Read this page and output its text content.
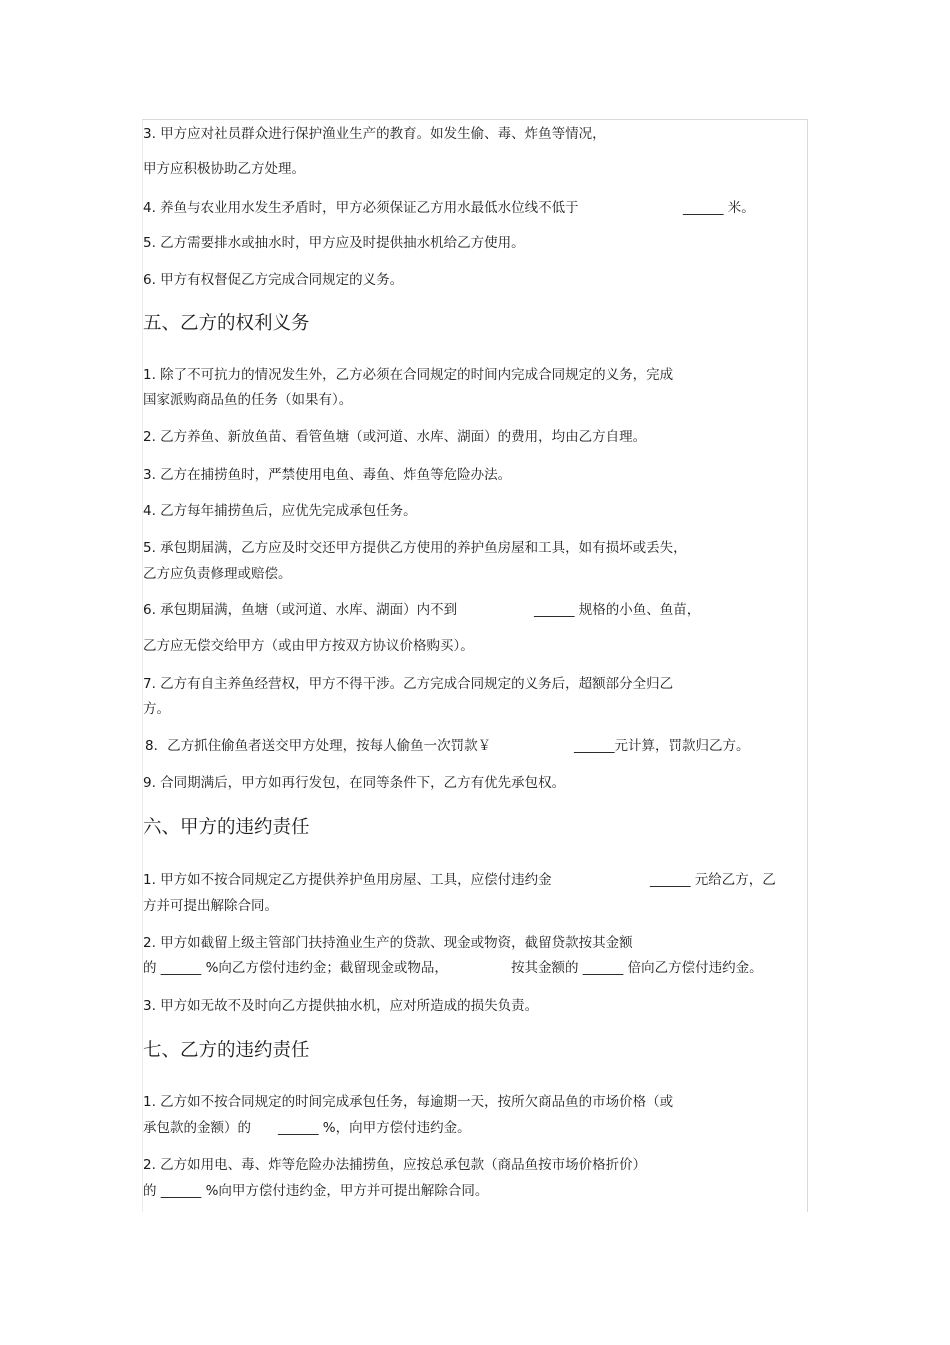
3. 甲方应对社员群众进行保护渔业生产的教育。如发生偷、毒、炸鱼等情况，
甲方应积极协助乙方处理。
4. 养鱼与农业用水发生矛盾时，甲方必须保证乙方用水最低水位线不低于	______ 米。
5. 乙方需要排水或抽水时，甲方应及时提供抽水机给乙方使用。
6. 甲方有权督促乙方完成合同规定的义务。
五、乙方的权利义务
1. 除了不可抗力的情况发生外，乙方必须在合同规定的时间内完成合同规定的义务，完成
国家派购商品鱼的任务（如果有）。
2. 乙方养鱼、新放鱼苗、看管鱼塘（或河道、水库、湖面）的费用，均由乙方自理。
3. 乙方在捕捞鱼时，严禁使用电鱼、毒鱼、炸鱼等危险办法。
4. 乙方每年捕捞鱼后，应优先完成承包任务。
5. 承包期届满，乙方应及时交还甲方提供乙方使用的养护鱼房屋和工具，如有损坏或丢失，
乙方应负责修理或赔偿。
6. 承包期届满，鱼塘（或河道、水库、湖面）内不到	______ 规格的小鱼、鱼苗，
乙方应无偿交给甲方（或由甲方按双方协议价格购买）。
7. 乙方有自主养鱼经营权，甲方不得干涉。乙方完成合同规定的义务后，超额部分全归乙
方。
8．乙方抓住偷鱼者送交甲方处理，按每人偷鱼一次罚款￥	______元计算，罚款归乙方。
9. 合同期满后，甲方如再行发包，在同等条件下，乙方有优先承包权。
六、甲方的违约责任
1. 甲方如不按合同规定乙方提供养护鱼用房屋、工具，应偿付违约金	______ 元给乙方，乙
方并可提出解除合同。
2. 甲方如截留上级主管部门扶持渔业生产的贷款、现金或物资，截留贷款按其金额
的 ______ %向乙方偿付违约金；截留现金或物品，	按其金额的 ______ 倍向乙方偿付违约金。
3. 甲方如无故不及时向乙方提供抽水机，应对所造成的损失负责。
七、乙方的违约责任
1. 乙方如不按合同规定的时间完成承包任务，每逾期一天，按所欠商品鱼的市场价格（或
承包款的金额）的 ______ %，向甲方偿付违约金。
2. 乙方如用电、毒、炸等危险办法捕捞鱼，应按总承包款（商品鱼按市场价格折价）
的 ______ %向甲方偿付违约金，甲方并可提出解除合同。
